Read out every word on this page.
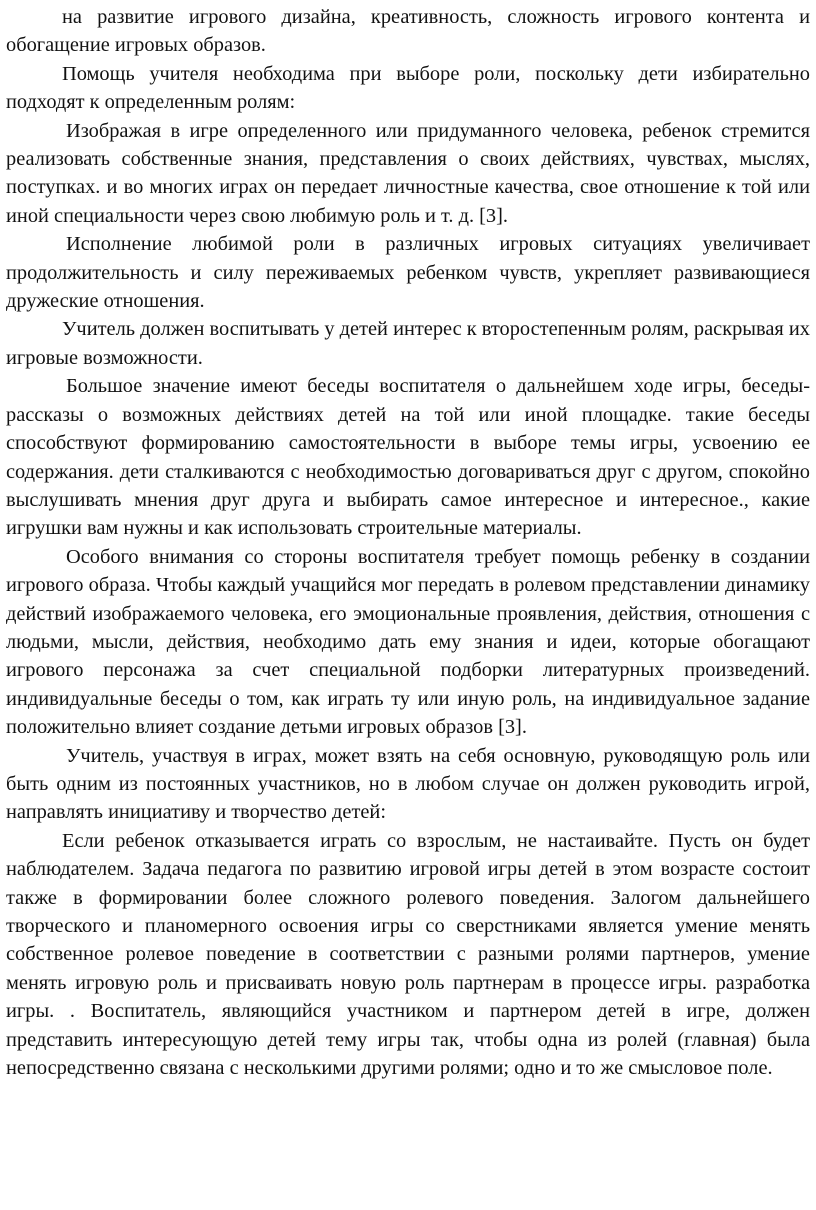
на развитие игрового дизайна, креативность, сложность игрового контента и обогащение игровых образов.

Помощь учителя необходима при выборе роли, поскольку дети избирательно подходят к определенным ролям:

Изображая в игре определенного или придуманного человека, ребенок стремится реализовать собственные знания, представления о своих действиях, чувствах, мыслях, поступках. и во многих играх он передает личностные качества, свое отношение к той или иной специальности через свою любимую роль и т. д. [3].

Исполнение любимой роли в различных игровых ситуациях увеличивает продолжительность и силу переживаемых ребенком чувств, укрепляет развивающиеся дружеские отношения.

Учитель должен воспитывать у детей интерес к второстепенным ролям, раскрывая их игровые возможности.

Большое значение имеют беседы воспитателя о дальнейшем ходе игры, беседы-рассказы о возможных действиях детей на той или иной площадке. такие беседы способствуют формированию самостоятельности в выборе темы игры, усвоению ее содержания. дети сталкиваются с необходимостью договариваться друг с другом, спокойно выслушивать мнения друг друга и выбирать самое интересное и интересное., какие игрушки вам нужны и как использовать строительные материалы.

Особого внимания со стороны воспитателя требует помощь ребенку в создании игрового образа. Чтобы каждый учащийся мог передать в ролевом представлении динамику действий изображаемого человека, его эмоциональные проявления, действия, отношения с людьми, мысли, действия, необходимо дать ему знания и идеи, которые обогащают игрового персонажа за счет специальной подборки литературных произведений. индивидуальные беседы о том, как играть ту или иную роль, на индивидуальное задание положительно влияет создание детьми игровых образов [3].

Учитель, участвуя в играх, может взять на себя основную, руководящую роль или быть одним из постоянных участников, но в любом случае он должен руководить игрой, направлять инициативу и творчество детей:

Если ребенок отказывается играть со взрослым, не настаивайте. Пусть он будет наблюдателем. Задача педагога по развитию игровой игры детей в этом возрасте состоит также в формировании более сложного ролевого поведения. Залогом дальнейшего творческого и планомерного освоения игры со сверстниками является умение менять собственное ролевое поведение в соответствии с разными ролями партнеров, умение менять игровую роль и присваивать новую роль партнерам в процессе игры. разработка игры. . Воспитатель, являющийся участником и партнером детей в игре, должен представить интересующую детей тему игры так, чтобы одна из ролей (главная) была непосредственно связана с несколькими другими ролями; одно и то же смысловое поле.
